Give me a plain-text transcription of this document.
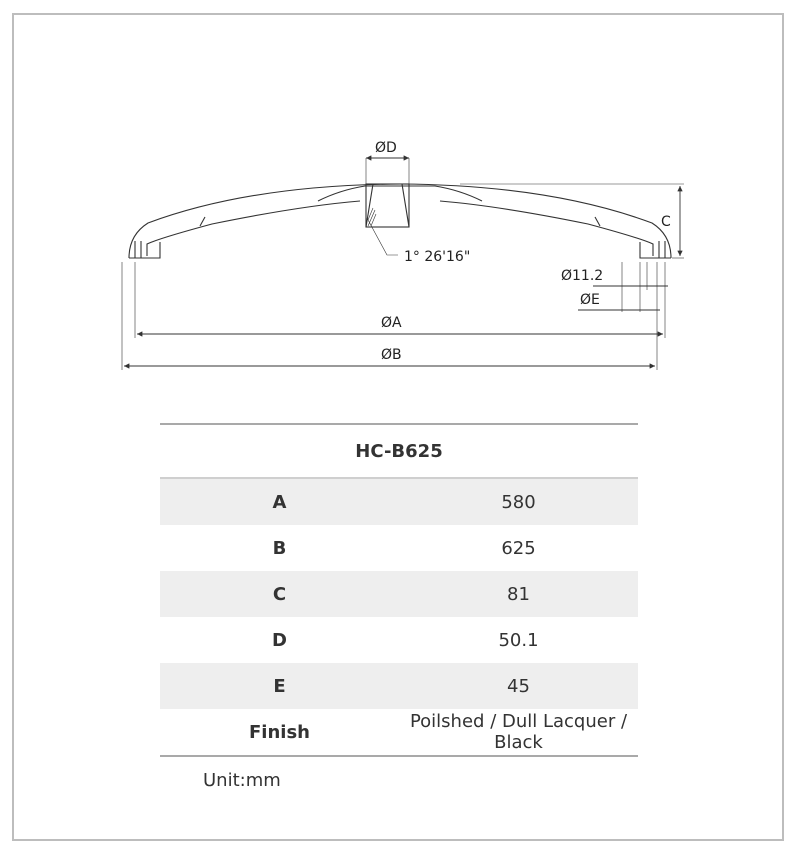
ØD
C
1° 26'16"
Ø11.2
ØE
ØA
ØB
HC-B625	
A	580
B	625
C	81
D	50.1
E	45
Finish	Poilshed / Dull Lacquer / Black
Unit:mm
